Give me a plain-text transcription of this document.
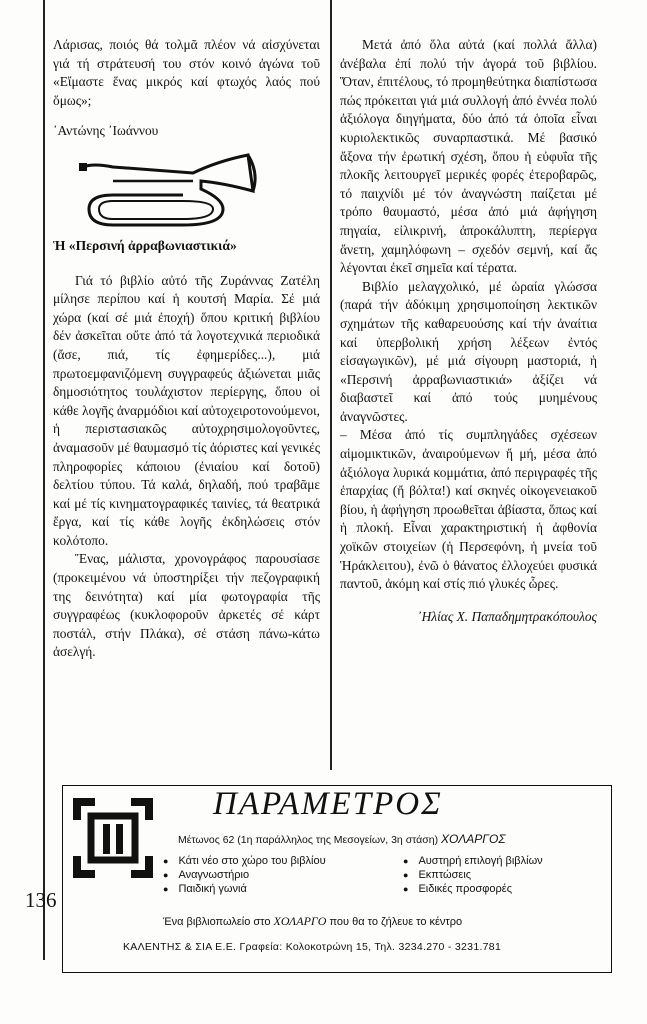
Λάρισας, ποιός θά τολμᾶ πλέον νά αἰσχύνεται γιά τή στράτευσή του στόν κοινό ἀγώνα τοῦ «Εἴμαστε ἕνας μικρός καί φτωχός λαός πού ὅμως»;

᾿Αντώνης ᾿Ιωάννου

Ἡ «Περσινή ἀρραβωνιαστικιά»

Γιά τό βιβλίο αὐτό τῆς Ζυράννας Ζατέλη μίλησε περίπου καί ἡ κουτσή Μαρία. Σέ μιά χώρα (καί σέ μιά ἐποχή) ὅπου κριτική βιβλίου δέν ἀσκεῖται οὔτε ἀπό τά λογοτεχνικά περιοδικά (ἄσε, πιά, τίς ἐφημερίδες...), μιά πρωτοεμφανιζόμενη συγγραφεύς ἀξιώνεται μιᾶς δημοσιότητος τουλάχιστον περίεργης, ὅπου οἱ κάθε λογῆς ἀναρμόδιοι καί αὐτοχειροτονούμενοι, ἡ περιστασιακῶς αὐτοχρησιμολογοῦντες, ἀναμασοῦν μέ θαυμασμό τίς ἀόριστες καί γενικές πληροφορίες κάποιου (ἐνιαίου καί δοτοῦ) δελτίου τύπου. Τά καλά, δηλαδή, πού τραβᾶμε καί μέ τίς κινηματογραφικές ταινίες, τά θεατρικά ἔργα, καί τίς κάθε λογῆς ἐκδηλώσεις στόν κολότοπο.

Ἕνας, μάλιστα, χρονογράφος παρουσίασε (προκειμένου νά ὑποστηρίξει τήν πεζογραφική της δεινότητα) καί μία φωτογραφία τῆς συγγραφέως (κυκλοφοροῦν ἀρκετές σέ κάρτ ποστάλ, στήν Πλάκα), σέ στάση πάνω-κάτω ἀσελγή.

Μετά ἀπό ὅλα αὐτά (καί πολλά ἄλλα) ἀνέβαλα ἐπί πολύ τήν ἀγορά τοῦ βιβλίου. Ὅταν, ἐπιτέλους, τό προμηθεύτηκα διαπίστωσα πώς πρόκειται γιά μιά συλλογή ἀπό ἐννέα πολύ ἀξιόλογα διηγήματα, δύο ἀπό τά ὁποῖα εἶναι κυριολεκτικῶς συναρπαστικά. Μέ βασικό ἄξονα τήν ἐρωτική σχέση, ὅπου ἡ εὐφυΐα τῆς πλοκῆς λειτουργεῖ μερικές φορές ἐτεροβαρῶς, τό παιχνίδι μέ τόν ἀναγνώστη παίζεται μέ τρόπο θαυμαστό, μέσα ἀπό μιά ἀφήγηση πηγαία, εἰλικρινή, ἀπροκάλυπτη, περίεργα ἄνετη, χαμηλόφωνη – σχεδόν σεμνή, καί ἄς λέγονται ἐκεῖ σημεῖα καί τέρατα.

Βιβλίο μελαγχολικό, μέ ὡραία γλώσσα (παρά τήν ἀδόκιμη χρησιμοποίηση λεκτικῶν σχημάτων τῆς καθαρευούσης καί τήν ἀναίτια καί ὑπερβολική χρήση λέξεων ἐντός εἰσαγωγικῶν), μέ μιά σίγουρη μαστοριά, ἡ «Περσινή ἀρραβωνιαστικιά» ἀξίζει νά διαβαστεῖ καί ἀπό τούς μυημένους ἀναγνῶστες.

– Μέσα ἀπό τίς συμπληγάδες σχέσεων αἱμομικτικῶν, ἀναιρούμενων ἤ μή, μέσα ἀπό ἀξιόλογα λυρικά κομμάτια, ἀπό περιγραφές τῆς ἐπαρχίας (ἤ βόλτα!) καί σκηνές οἰκογενειακοῦ βίου, ἡ ἀφήγηση προωθεῖται ἀβίαστα, ὅπως καί ἡ πλοκή. Εἶναι χαρακτηριστική ἡ ἀφθονία χοϊκῶν στοιχείων (ἡ Περσεφόνη, ἡ μνεία τοῦ Ἡράκλειτου), ἐνῶ ὁ θάνατος ἐλλοχεύει φυσικά παντοῦ, ἀκόμη καί στίς πιό γλυκές ὧρες.

᾿Ηλίας Χ. Παπαδημητρακόπουλος

136
ΠΑΡΑΜΕΤΡΟΣ
Μέτωνος 62 (1η παράλληλος της Μεσογείων, 3η στάση) ΧΟΛΑΡΓΟΣ
● Κάτι νέο στο χώρο του βιβλίου
● Αναγνωστήριο
● Παιδική γωνιά
● Αυστηρή επιλογή βιβλίων
● Εκπτώσεις
● Ειδικές προσφορές
Ένα βιβλιοπωλείο στο ΧΟΛΑΡΓΟ που θα το ζήλευε το κέντρο
ΚΑΛΕΝΤΗΣ & ΣΙΑ Ε.Ε. Γραφεία: Κολοκοτρώνη 15, Τηλ. 3234.270 - 3231.781
